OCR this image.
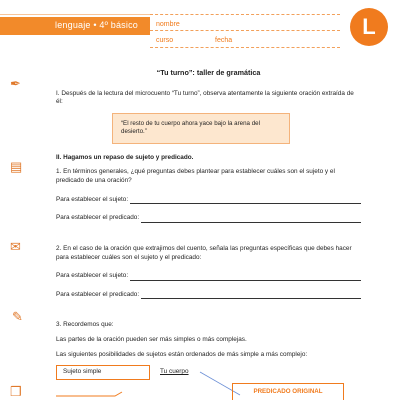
lenguaje • 4º básico	nombre
curso	fecha
L
✒
▤
✉
✎
❒
“Tu turno”: taller de gramática

I. Después de la lectura del microcuento “Tu turno”, observa atentamente la siguiente oración extraída de él:

“El resto de tu cuerpo ahora yace bajo la arena del desierto.”

II. Hagamos un repaso de sujeto y predicado.

1. En términos generales, ¿qué preguntas debes plantear para establecer cuáles son el sujeto y el predicado de una oración?

Para establecer el sujeto:
Para establecer el predicado:

2. En el caso de la oración que extrajimos del cuento, señala las preguntas específicas que debes hacer para establecer cuáles son el sujeto y el predicado:

Para establecer el sujeto:
Para establecer el predicado:

3. Recordemos que:

Las partes de la oración pueden ser más simples o más complejas.

Las siguientes posibilidades de sujetos están ordenados de más simple a más complejo:

Sujeto simple	Tu cuerpo
PREDICADO ORIGINAL
